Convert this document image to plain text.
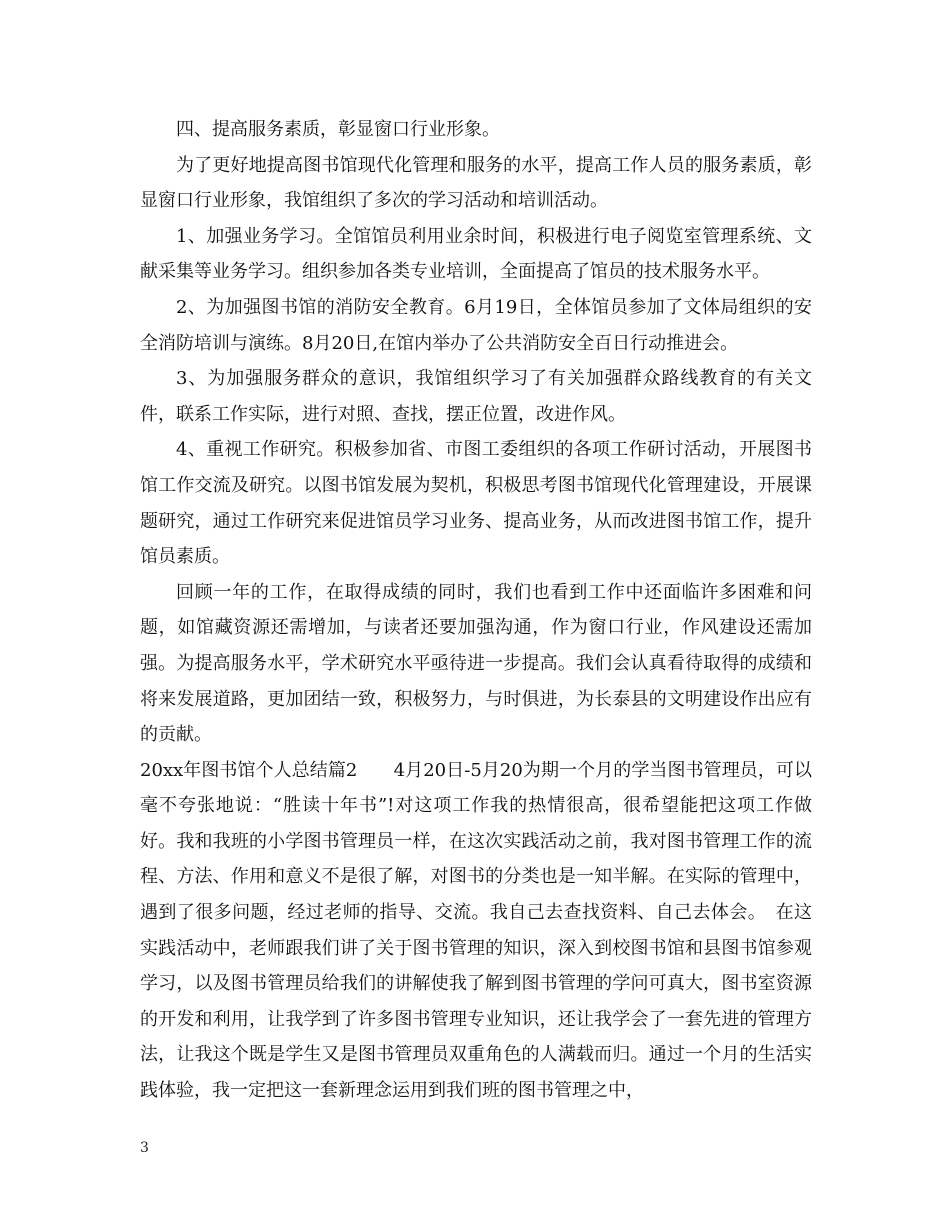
四、提高服务素质，彰显窗口行业形象。

为了更好地提高图书馆现代化管理和服务的水平，提高工作人员的服务素质，彰显窗口行业形象，我馆组织了多次的学习活动和培训活动。

1、加强业务学习。全馆馆员利用业余时间，积极进行电子阅览室管理系统、文献采集等业务学习。组织参加各类专业培训，全面提高了馆员的技术服务水平。

2、为加强图书馆的消防安全教育。6月19日，全体馆员参加了文体局组织的安全消防培训与演练。8月20日,在馆内举办了公共消防安全百日行动推进会。

3、为加强服务群众的意识，我馆组织学习了有关加强群众路线教育的有关文件，联系工作实际，进行对照、查找，摆正位置，改进作风。

4、重视工作研究。积极参加省、市图工委组织的各项工作研讨活动，开展图书馆工作交流及研究。以图书馆发展为契机，积极思考图书馆现代化管理建设，开展课题研究，通过工作研究来促进馆员学习业务、提高业务，从而改进图书馆工作，提升馆员素质。

回顾一年的工作，在取得成绩的同时，我们也看到工作中还面临许多困难和问题，如馆藏资源还需增加，与读者还要加强沟通，作为窗口行业，作风建设还需加强。为提高服务水平，学术研究水平亟待进一步提高。我们会认真看待取得的成绩和将来发展道路，更加团结一致，积极努力，与时俱进，为长泰县的文明建设作出应有的贡献。

20xx年图书馆个人总结篇2　　4月20日-5月20为期一个月的学当图书管理员，可以毫不夸张地说：“胜读十年书”!对这项工作我的热情很高，很希望能把这项工作做好。我和我班的小学图书管理员一样，在这次实践活动之前，我对图书管理工作的流程、方法、作用和意义不是很了解，对图书的分类也是一知半解。在实际的管理中，遇到了很多问题，经过老师的指导、交流。我自己去查找资料、自己去体会。　在这实践活动中，老师跟我们讲了关于图书管理的知识，深入到校图书馆和县图书馆参观学习，以及图书管理员给我们的讲解使我了解到图书管理的学问可真大，图书室资源的开发和利用，让我学到了许多图书管理专业知识，还让我学会了一套先进的管理方法，让我这个既是学生又是图书管理员双重角色的人满载而归。通过一个月的生活实践体验，我一定把这一套新理念运用到我们班的图书管理之中，

3
